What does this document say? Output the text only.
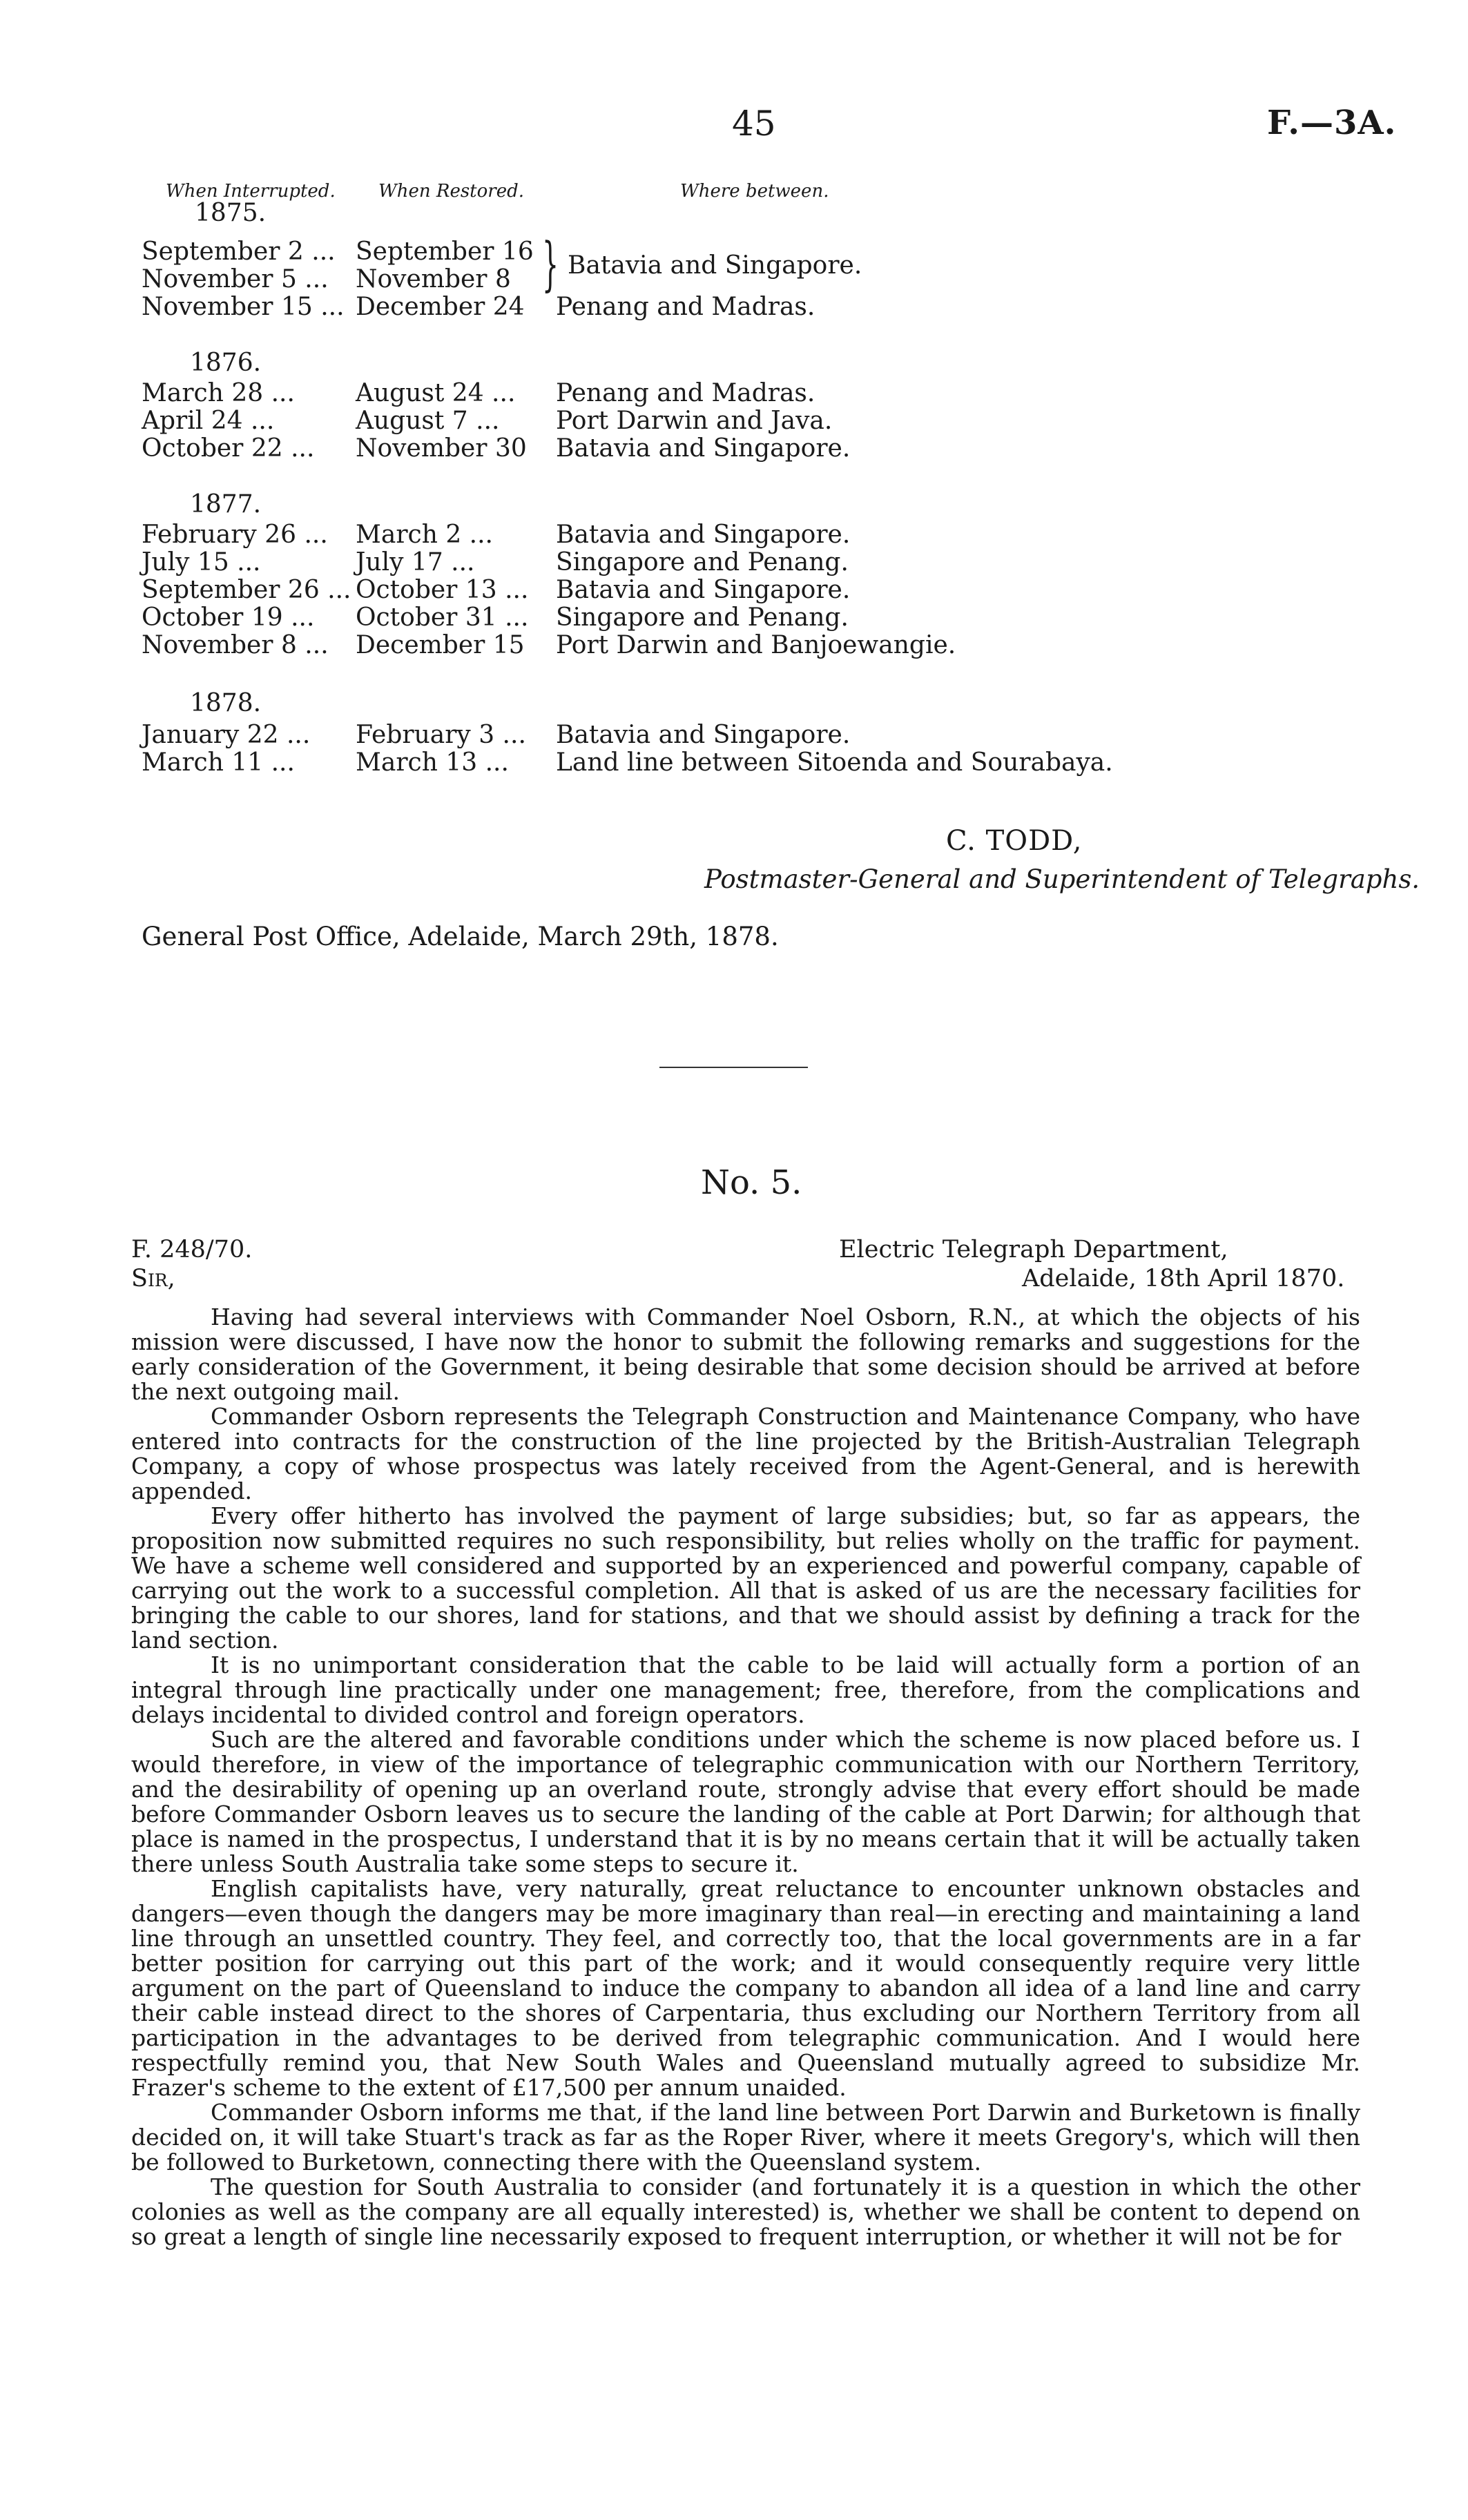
45	F.—3A.
When Interrupted. When Restored.	Where between.
1875.
September 2 ... September 16
November 5 ... November 8 } Batavia and Singapore.
November 15 ... December 24 Penang and Madras.
1876.
March 28 ... August 24 ... Penang and Madras.
April 24 ...	August 7 ... Port Darwin and Java.
October 22 ... November 30 Batavia and Singapore.
1877.
February 26 ... March 2 ...	Batavia and Singapore.
July 15 ...	July 17 ...	Singapore and Penang.
September 26 ... October 13 ... Batavia and Singapore.
October 19 ... October 31 ... Singapore and Penang.
November 8 ... December 15 Port Darwin and Banjoewangie.
1878.
January 22 ... February 3 ... Batavia and Singapore.
March 11 ... March 13 ... Land line between Sitoenda and Sourabaya.
C. TODD,
Postmaster-General and Superintendent of Telegraphs.
General Post Office, Adelaide, March 29th, 1878.
No. 5.
F. 248/70.	Electric Telegraph Department,
Sir,	Adelaide, 18th April 1870.

Having had several interviews with Commander Noel Osborn, R.N., at which the objects of his mission were discussed, I have now the honor to submit the following remarks and suggestions for the early consideration of the Government, it being desirable that some decision should be arrived at before the next outgoing mail.

Commander Osborn represents the Telegraph Construction and Maintenance Company, who have entered into contracts for the construction of the line projected by the British-Australian Telegraph Company, a copy of whose prospectus was lately received from the Agent-General, and is herewith appended.

Every offer hitherto has involved the payment of large subsidies; but, so far as appears, the proposition now submitted requires no such responsibility, but relies wholly on the traffic for payment. We have a scheme well considered and supported by an experienced and powerful company, capable of carrying out the work to a successful completion. All that is asked of us are the necessary facilities for bringing the cable to our shores, land for stations, and that we should assist by defining a track for the land section.

It is no unimportant consideration that the cable to be laid will actually form a portion of an integral through line practically under one management; free, therefore, from the complications and delays incidental to divided control and foreign operators.

Such are the altered and favorable conditions under which the scheme is now placed before us. I would therefore, in view of the importance of telegraphic communication with our Northern Territory, and the desirability of opening up an overland route, strongly advise that every effort should be made before Commander Osborn leaves us to secure the landing of the cable at Port Darwin; for although that place is named in the prospectus, I understand that it is by no means certain that it will be actually taken there unless South Australia take some steps to secure it.

English capitalists have, very naturally, great reluctance to encounter unknown obstacles and dangers—even though the dangers may be more imaginary than real—in erecting and maintaining a land line through an unsettled country. They feel, and correctly too, that the local governments are in a far better position for carrying out this part of the work; and it would consequently require very little argument on the part of Queensland to induce the company to abandon all idea of a land line and carry their cable instead direct to the shores of Carpentaria, thus excluding our Northern Territory from all participation in the advantages to be derived from telegraphic communication. And I would here respectfully remind you, that New South Wales and Queensland mutually agreed to subsidize Mr. Frazer's scheme to the extent of £17,500 per annum unaided.

Commander Osborn informs me that, if the land line between Port Darwin and Burketown is finally decided on, it will take Stuart's track as far as the Roper River, where it meets Gregory's, which will then be followed to Burketown, connecting there with the Queensland system.

The question for South Australia to consider (and fortunately it is a question in which the other colonies as well as the company are all equally interested) is, whether we shall be content to depend on so great a length of single line necessarily exposed to frequent interruption, or whether it will not be for
